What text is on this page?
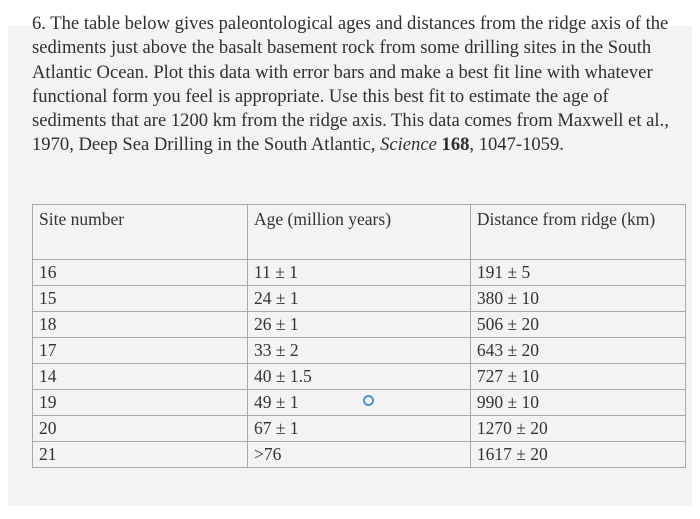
6. The table below gives paleontological ages and distances from the ridge axis of the sediments just above the basalt basement rock from some drilling sites in the South Atlantic Ocean. Plot this data with error bars and make a best fit line with whatever functional form you feel is appropriate. Use this best fit to estimate the age of sediments that are 1200 km from the ridge axis. This data comes from Maxwell et al., 1970, Deep Sea Drilling in the South Atlantic, Science 168, 1047-1059.
Site number	Age (million years)	Distance from ridge (km)
16	11 ± 1	191 ± 5
15	24 ± 1	380 ± 10
18	26 ± 1	506 ± 20
17	33 ± 2	643 ± 20
14	40 ± 1.5	727 ± 10
19	49 ± 1	990 ± 10
20	67 ± 1	1270 ± 20
21	>76	1617 ± 20
